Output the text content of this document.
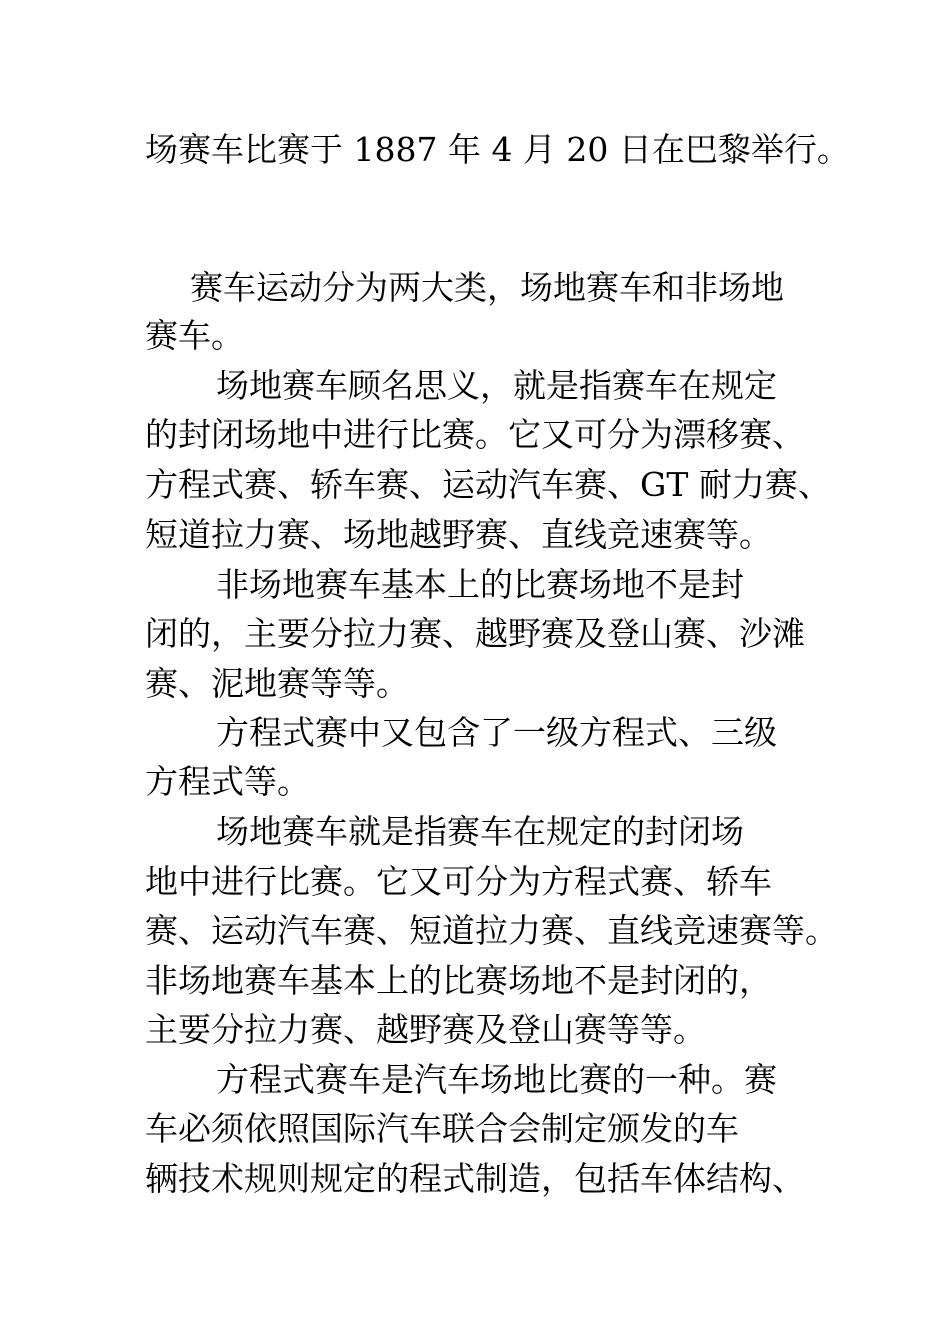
场赛车比赛于 1887 年 4 月 20 日在巴黎举行。
赛车运动分为两大类，场地赛车和非场地
赛车。
场地赛车顾名思义，就是指赛车在规定
的封闭场地中进行比赛。它又可分为漂移赛、
方程式赛、轿车赛、运动汽车赛、GT 耐力赛、
短道拉力赛、场地越野赛、直线竞速赛等。
非场地赛车基本上的比赛场地不是封
闭的，主要分拉力赛、越野赛及登山赛、沙滩
赛、泥地赛等等。
方程式赛中又包含了一级方程式、三级
方程式等。
场地赛车就是指赛车在规定的封闭场
地中进行比赛。它又可分为方程式赛、轿车
赛、运动汽车赛、短道拉力赛、直线竞速赛等。
非场地赛车基本上的比赛场地不是封闭的，
主要分拉力赛、越野赛及登山赛等等。
方程式赛车是汽车场地比赛的一种。赛
车必须依照国际汽车联合会制定颁发的车
辆技术规则规定的程式制造，包括车体结构、
